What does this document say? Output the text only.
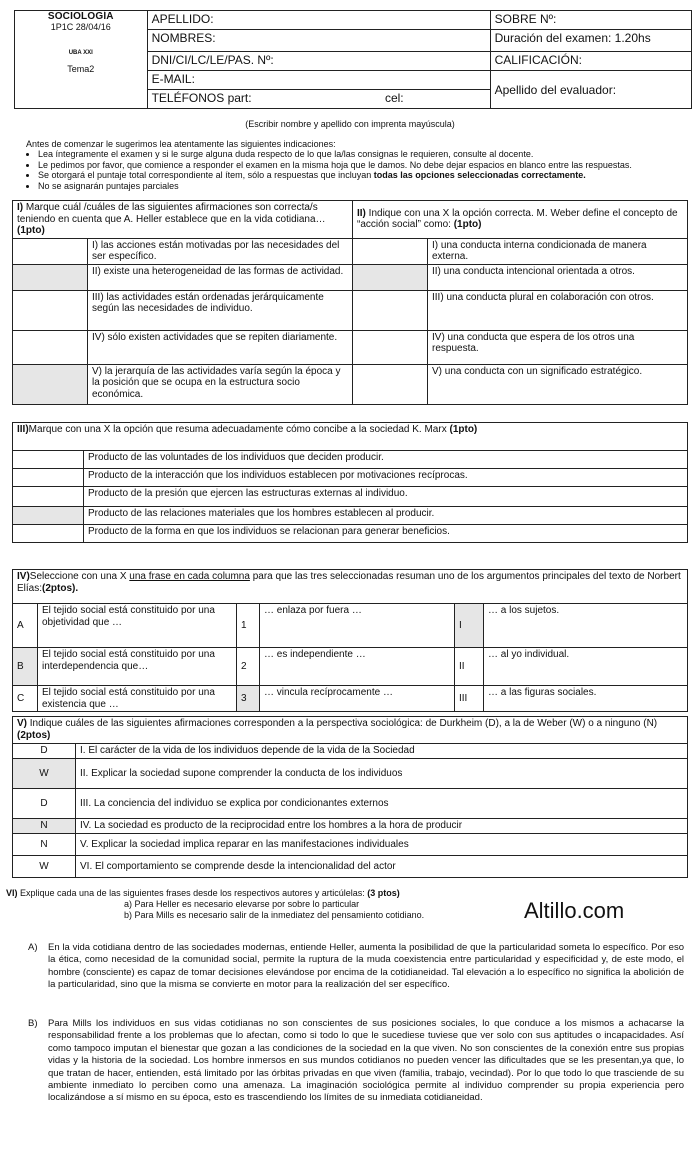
SOCIOLOGÍA
1P1C 28/04/16
UBA XXI
Tema2	APELLIDO:	SOBRE Nº:
	NOMBRES:	Duración del examen: 1.20hs
	DNI/CI/LC/LE/PAS. Nº:	CALIFICACIÓN:
	E-MAIL:	Apellido del evaluador:
	TELÉFONOS part: cel:	
(Escribir nombre y apellido con imprenta mayúscula)
Antes de comenzar le sugerimos lea atentamente las siguientes indicaciones:
• Lea íntegramente el examen y si le surge alguna duda respecto de lo que la/las consignas le requieren, consulte al docente.
• Le pedimos por favor, que comience a responder el examen en la misma hoja que le damos. No debe dejar espacios en blanco entre las respuestas.
• Se otorgará el puntaje total correspondiente al ítem, sólo a respuestas que incluyan todas las opciones seleccionadas correctamente.
• No se asignarán puntajes parciales
I) Marque cuál /cuáles de las siguientes afirmaciones son correcta/s teniendo en cuenta que A. Heller establece que en la vida cotidiana…(1pto)		II) Indique con una X la opción correcta. M. Weber define el concepto de “acción social” como: (1pto)	
	I) las acciones están motivadas por las necesidades del ser específico.		I) una conducta interna condicionada de manera externa.
	II) existe una heterogeneidad de las formas de actividad.		II) una conducta intencional orientada a otros.
	III) las actividades están ordenadas jerárquicamente según las necesidades de individuo.		III) una conducta plural en colaboración con otros.
	IV) sólo existen actividades que se repiten diariamente.		IV) una conducta que espera de los otros una respuesta.
	V) la jerarquía de las actividades varía según la época y la posición que se ocupa en la estructura socio económica.		V) una conducta con un significado estratégico.
III)Marque con una X la opción que resuma adecuadamente cómo concibe a la sociedad K. Marx (1pto)	
	Producto de las voluntades de los individuos que deciden producir.
	Producto de la interacción que los individuos establecen por motivaciones recíprocas.
	Producto de la presión que ejercen las estructuras externas al individuo.
	Producto de las relaciones materiales que los hombres establecen al producir.
	Producto de la forma en que los individuos se relacionan para generar beneficios.
IV)Seleccione con una X una frase en cada columna para que las tres seleccionadas resuman uno de los argumentos principales del texto de Norbert Elías:(2ptos).					
A	El tejido social está constituido por una objetividad que …	1	… enlaza por fuera …	I	… a los sujetos.
B	El tejido social está constituido por una interdependencia que…	2	… es independiente …	II	… al yo individual.
C	El tejido social está constituido por una existencia que …	3	… vincula recíprocamente …	III	… a las figuras sociales.
V) Indique cuáles de las siguientes afirmaciones corresponden a la perspectiva sociológica: de Durkheim (D), a la de Weber (W) o a ninguno (N) (2ptos)	
D	I. El carácter de la vida de los individuos depende de la vida de la Sociedad
W	II. Explicar la sociedad supone comprender la conducta de los individuos
D	III. La conciencia del individuo se explica por condicionantes externos
N	IV. La sociedad es producto de la reciprocidad entre los hombres a la hora de producir
N	V. Explicar la sociedad implica reparar en las manifestaciones individuales
W	VI. El comportamiento se comprende desde la intencionalidad del actor
VI) Explique cada una de las siguientes frases desde los respectivos autores y articúlelas: (3 ptos)
a) Para Heller es necesario elevarse por sobre lo particular
b) Para Mills es necesario salir de la inmediatez del pensamiento cotidiano.	Altillo.com
A) En la vida cotidiana dentro de las sociedades modernas, entiende Heller, aumenta la posibilidad de que la particularidad someta lo específico. Por eso la ética, como necesidad de la comunidad social, permite la ruptura de la muda coexistencia entre particularidad y especificidad y, de este modo, el hombre (consciente) es capaz de tomar decisiones elevándose por encima de la cotidianeidad. Tal elevación a lo específico no significa la abolición de la particularidad, sino que la misma se convierte en motor para la realización del ser específico.
B) Para Mills los individuos en sus vidas cotidianas no son conscientes de sus posiciones sociales, lo que conduce a los mismos a achacarse la responsabilidad frente a los problemas que lo afectan, como si todo lo que le sucediese tuviese que ver solo con sus aptitudes o incapacidades. Así como tampoco imputan el bienestar que gozan a las condiciones de la sociedad en la que viven. No son conscientes de la conexión entre sus propias vidas y la historia de la sociedad. Los hombre inmersos en sus mundos cotidianos no pueden vencer las dificultades que se les presentan,ya que, lo que tratan de hacer, entienden, está limitado por las órbitas privadas en que viven (familia, trabajo, vecindad). Por lo que todo lo que trasciende de su ambiente inmediato lo perciben como una amenaza. La imaginación sociológica permite al individuo comprender su propia experiencia pero localizándose a sí mismo en su época, esto es trascendiendo los límites de su inmediata cotidianeidad.
